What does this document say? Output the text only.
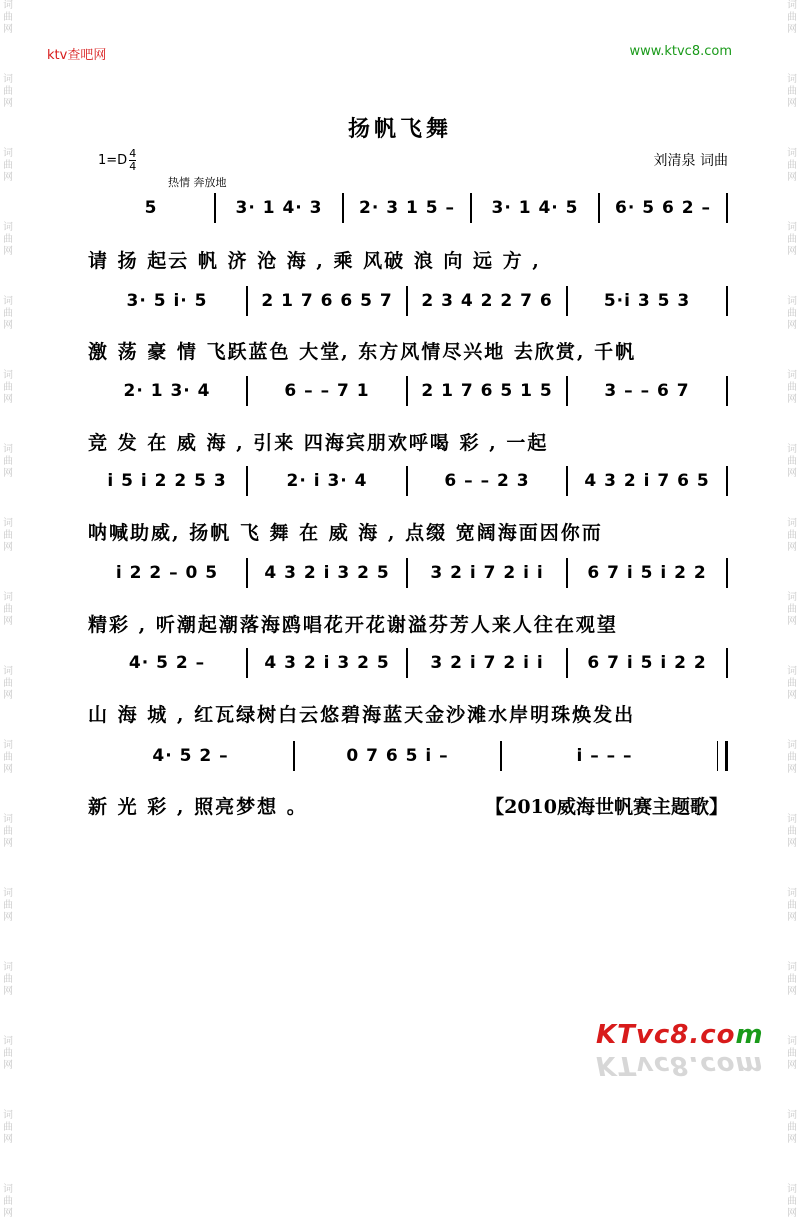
词
曲
网
词
曲
网
词
曲
网
词
曲
网
词
曲
网
词
曲
网
词
曲
网
词
曲
网
词
曲
网
词
曲
网
词
曲
网
词
曲
网
词
曲
网
词
曲
网
词
曲
网
词
曲
网
词
曲
网
词
曲
网
词
曲
网
词
曲
网
词
曲
网
词
曲
网
词
曲
网
词
曲
网
词
曲
网
词
曲
网
词
曲
网
词
曲
网
词
曲
网
词
曲
网
词
曲
网
词
曲
网
词
曲
网
词
曲
网
ktv查吧网	www.ktvc8.com
扬帆飞舞
$1=D \frac{4}{4}$	刘清泉 词曲
热情 奔放地
5	3· 1 4· 3	2· 3 1 5 –	3· 1 4· 5	6· 5 6 2 –
3· 5 i· 5	2 1 7 6 6 5 7	2 3 4 2 2 7 6	5·i 3 5 3
2· 1 3· 4	6 – – 7 1	2 1 7 6 5 1 5	3 – – 6 7
i 5 i 2 2 5 3	2· i 3· 4	6 – – 2 3	4 3 2 i 7 6 5
i 2 2 – 0 5	4 3 2 i 3 2 5	3 2 i 7 2 i i	6 7 i 5 i 2 2
4· 5 2 –	4 3 2 i 3 2 5	3 2 i 7 2 i i	6 7 i 5 i 2 2
4· 5 2 –	0 7 6 5 i –	i – – –
请 扬 起云 帆 济 沧 海 , 乘 风破 浪 向 远 方 ,
激 荡 豪 情 飞跃蓝色 大堂, 东方风情尽兴地 去欣赏, 千帆
竞 发 在 威 海 , 引来 四海宾朋欢呼喝 彩 , 一起
呐喊助威, 扬帆 飞 舞 在 威 海 , 点缀 宽阔海面因你而
精彩 , 听潮起潮落海鸥唱花开花谢溢芬芳人来人往在观望
山 海 城 , 红瓦绿树白云悠碧海蓝天金沙滩水岸明珠焕发出
新 光 彩 , 照亮梦想 。	【2010威海世帆赛主题歌】
KTvc8.com
KTvc8.com
